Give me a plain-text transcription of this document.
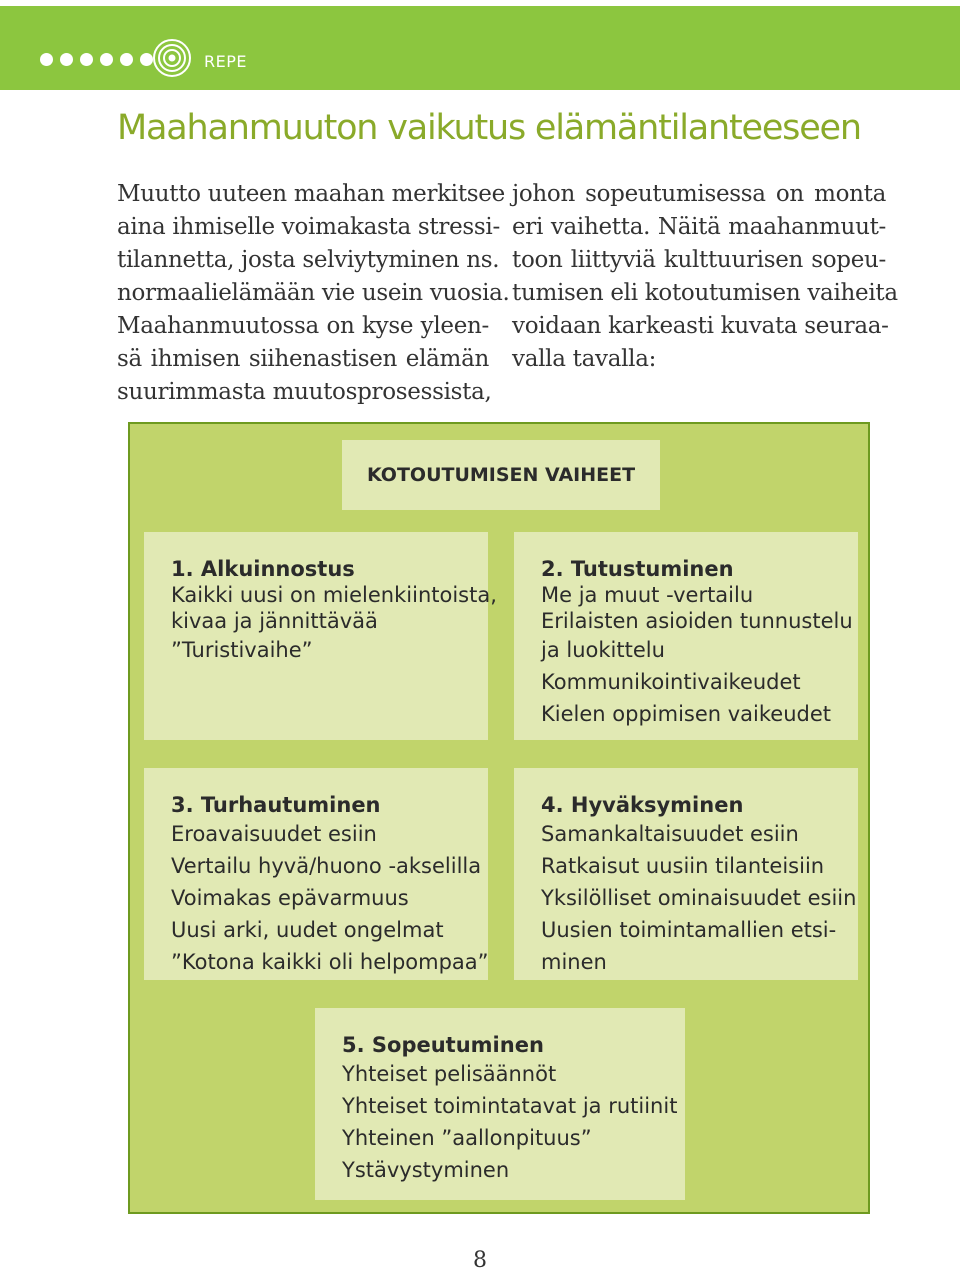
REPE
Maahanmuuton vaikutus elämäntilanteeseen
Muutto uuteen maahan merkitsee
aina ihmiselle voimakasta stressi-
tilannetta, josta selviytyminen ns.
normaalielämään vie usein vuosia.
Maahanmuutossa on kyse yleen-
sä ihmisen siihenastisen elämän
suurimmasta muutosprosessista,
johon sopeutumisessa on monta
eri vaihetta. Näitä maahanmuut-
toon liittyviä kulttuurisen sopeu-
tumisen eli kotoutumisen vaiheita
voidaan karkeasti kuvata seuraa-
valla tavalla:
KOTOUTUMISEN VAIHEET
1. Alkuinnostus
Kaikki uusi on mielenkiintoista,
kivaa ja jännittävää
”Turistivaihe”
2. Tutustuminen
Me ja muut -vertailu
Erilaisten asioiden tunnustelu
ja luokittelu
Kommunikointivaikeudet
Kielen oppimisen vaikeudet
3. Turhautuminen
Eroavaisuudet esiin
Vertailu hyvä/huono -akselilla
Voimakas epävarmuus
Uusi arki, uudet ongelmat
”Kotona kaikki oli helpompaa”
4. Hyväksyminen
Samankaltaisuudet esiin
Ratkaisut uusiin tilanteisiin
Yksilölliset ominaisuudet esiin
Uusien toimintamallien etsi-
minen
5. Sopeutuminen
Yhteiset pelisäännöt
Yhteiset toimintatavat ja rutiinit
Yhteinen ”aallonpituus”
Ystävystyminen
8
